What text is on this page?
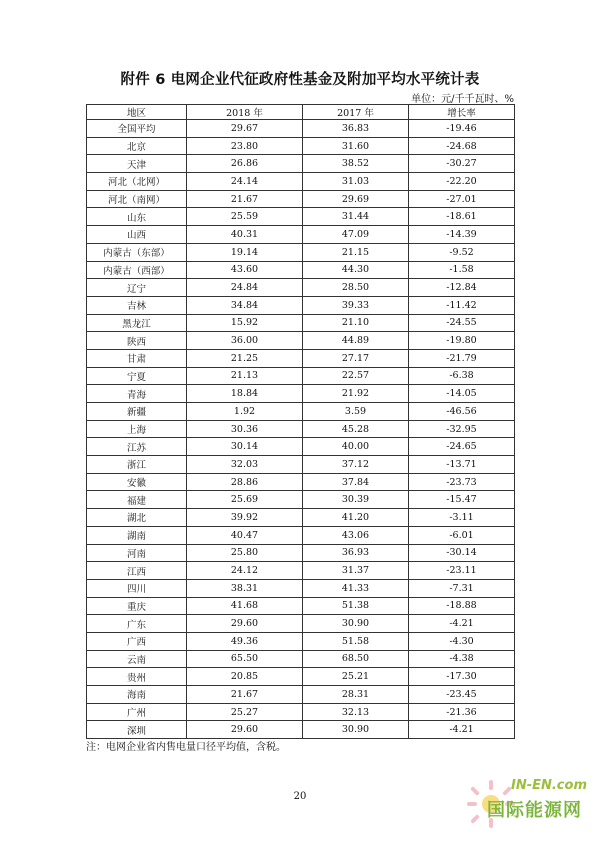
附件 6 电网企业代征政府性基金及附加平均水平统计表
单位：元/千千瓦时、%
地区	2018 年	2017 年	增长率
全国平均	29.67	36.83	-19.46
北京	23.80	31.60	-24.68
天津	26.86	38.52	-30.27
河北（北网）	24.14	31.03	-22.20
河北（南网）	21.67	29.69	-27.01
山东	25.59	31.44	-18.61
山西	40.31	47.09	-14.39
内蒙古（东部）	19.14	21.15	-9.52
内蒙古（西部）	43.60	44.30	-1.58
辽宁	24.84	28.50	-12.84
吉林	34.84	39.33	-11.42
黑龙江	15.92	21.10	-24.55
陕西	36.00	44.89	-19.80
甘肃	21.25	27.17	-21.79
宁夏	21.13	22.57	-6.38
青海	18.84	21.92	-14.05
新疆	1.92	3.59	-46.56
上海	30.36	45.28	-32.95
江苏	30.14	40.00	-24.65
浙江	32.03	37.12	-13.71
安徽	28.86	37.84	-23.73
福建	25.69	30.39	-15.47
湖北	39.92	41.20	-3.11
湖南	40.47	43.06	-6.01
河南	25.80	36.93	-30.14
江西	24.12	31.37	-23.11
四川	38.31	41.33	-7.31
重庆	41.68	51.38	-18.88
广东	29.60	30.90	-4.21
广西	49.36	51.58	-4.30
云南	65.50	68.50	-4.38
贵州	20.85	25.21	-17.30
海南	21.67	28.31	-23.45
广州	25.27	32.13	-21.36
深圳	29.60	30.90	-4.21
注：电网企业省内售电量口径平均值，含税。
20
IN-EN.com
国际能源网
